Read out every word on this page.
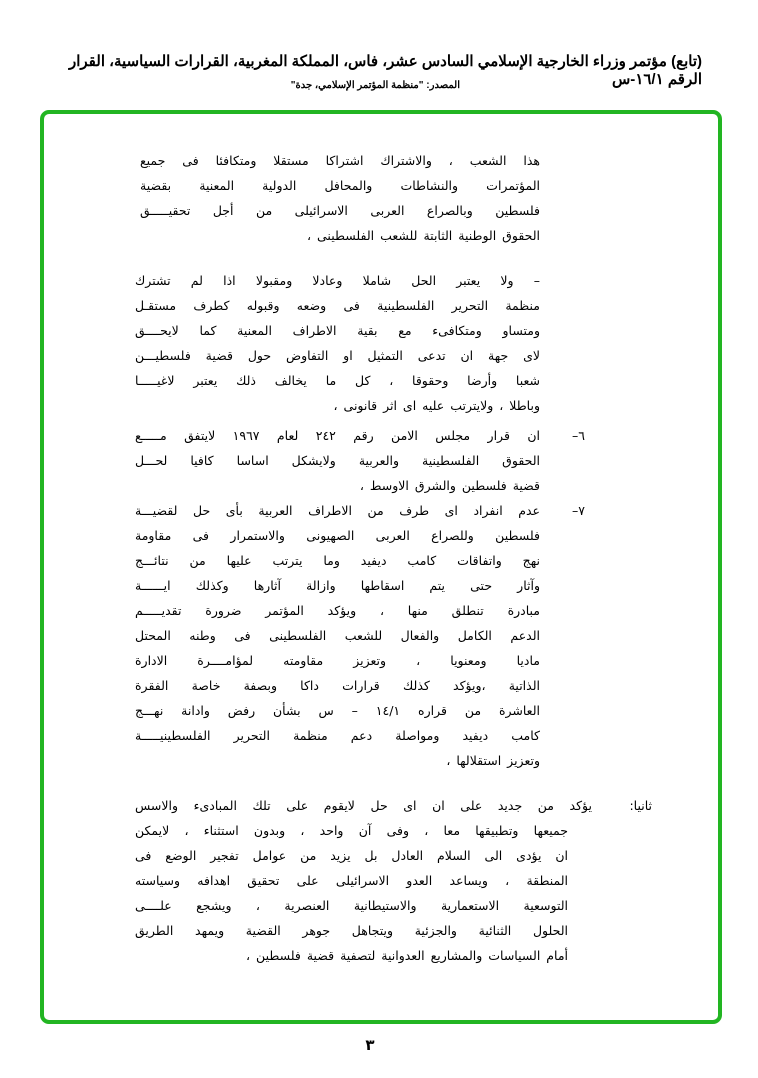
(تابع) مؤتمر وزراء الخارجية الإسلامي السادس عشر، فاس، المملكة المغربية، القرارات السياسية، القرار الرقم ١٦/١-س
المصدر: "منظمة المؤتمر الإسلامي، جدة"
هذا الشعب ، والاشتراك اشتراكا مستقلا ومتكافئا فى جميع
المؤتمرات والنشاطات والمحافل الدولية المعنية بقضية
فلسطين وبالصراع العربى الاسرائيلى من أجل تحقيـــــق
الحقوق الوطنية الثابتة للشعب الفلسطينى ،
– ولا يعتبر الحل شاملا وعادلا ومقبولا اذا لم تشترك
منظمة التحرير الفلسطينية فى وضعه وقبوله كطرف مستقـل
ومتساو ومتكافىء مع بقية الاطراف المعنية كما لايحــــق
لاى جهة ان تدعى التمثيل او التفاوض حول قضية فلسطيـــن
شعبا وأرضا وحقوقا ، كل ما يخالف ذلك يعتبر لاغيـــــا
وباطلا ، ولايترتب عليه اى اثر قانونى ،
ان قرار مجلس الامن رقم ٢٤٢ لعام ١٩٦٧ لايتفق مـــــع
الحقوق الفلسطينية والعربية ولايشكل اساسا كافيا لحـــل
قضية فلسطين والشرق الاوسط ،
٦–
عدم انفراد اى طرف من الاطراف العربية بأى حل لقضيـــة
فلسطين وللصراع العربى الصهيونى والاستمرار فى مقاومة
نهج واتفاقات كامب ديفيد وما يترتب عليها من نتائـــج
وآثار حتى يتم اسقاطها وازالة آثارها وكذلك ايــــــة
مبادرة تنطلق منها ، ويؤكد المؤتمر ضرورة تقديـــــم
الدعم الكامل والفعال للشعب الفلسطينى فى وطنه المحتل
ماديا ومعنويا ، وتعزيز مقاومته لمؤامــــرة الادارة
الذاتية ،ويؤكد كذلك قرارات داكا وبصفة خاصة الفقرة
العاشرة من قراره ١٤/١ – س بشأن رفض وادانة نهـــج
كامب ديفيد ومواصلة دعم منظمة التحرير الفلسطينيـــــة
وتعزيز استقلالها ،
٧–
يؤكد من جديد على ان اى حل لايقوم على تلك المبادىء والاسس
جميعها وتطبيقها معا ، وفى آن واحد ، وبدون استثناء ، لايمكن
ان يؤدى الى السلام العادل بل يزيد من عوامل تفجير الوضع فى
المنطقة ، ويساعد العدو الاسرائيلى على تحقيق اهدافه وسياسته
التوسعية الاستعمارية والاستيطانية العنصرية ، ويشجع علــــى
الحلول الثنائية والجزئية ويتجاهل جوهر القضية ويمهد الطريق
أمام السياسات والمشاريع العدوانية لتصفية قضية فلسطين ،
ثانيا:
٣
